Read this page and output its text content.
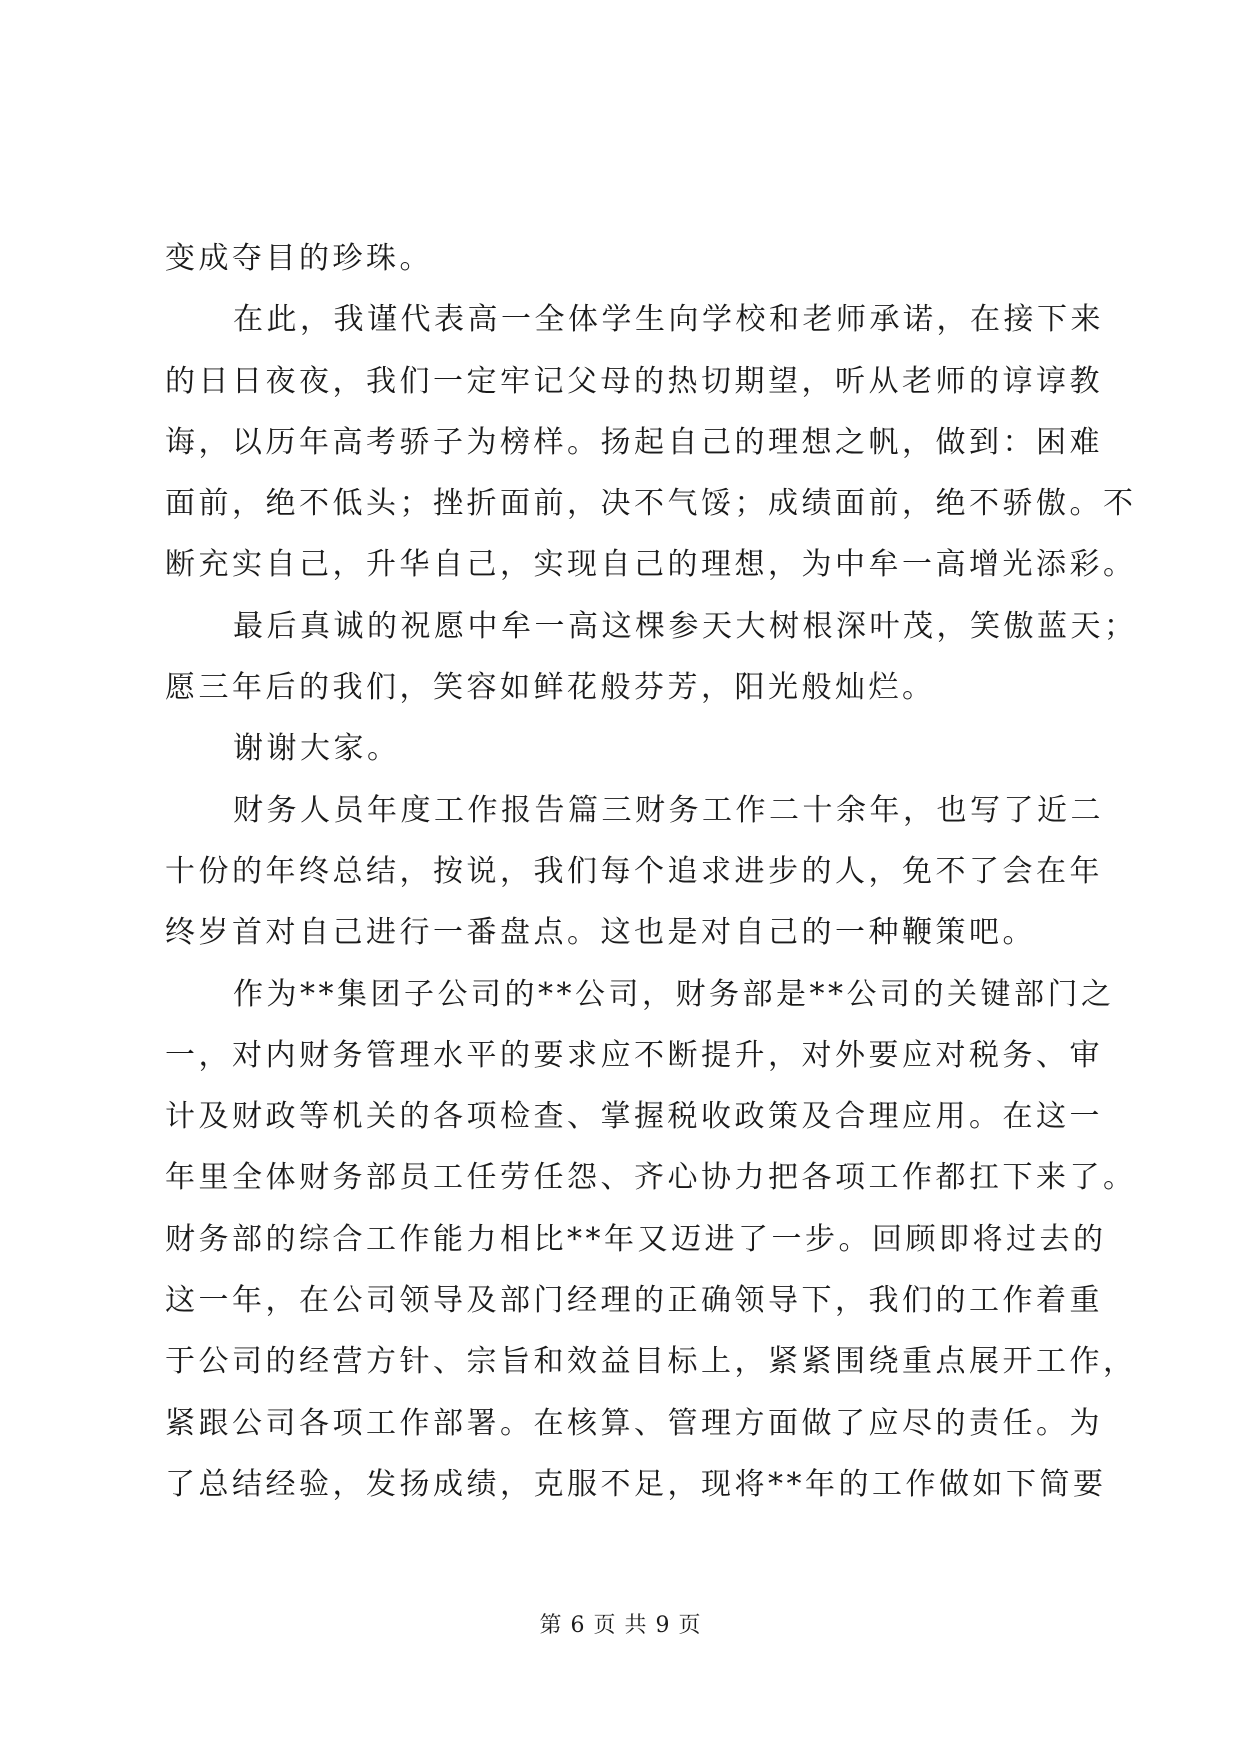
变成夺目的珍珠。
在此，我谨代表高一全体学生向学校和老师承诺，在接下来
的日日夜夜，我们一定牢记父母的热切期望，听从老师的谆谆教
诲，以历年高考骄子为榜样。扬起自己的理想之帆，做到：困难
面前，绝不低头；挫折面前，决不气馁；成绩面前，绝不骄傲。不
断充实自己，升华自己，实现自己的理想，为中牟一高增光添彩。
最后真诚的祝愿中牟一高这棵参天大树根深叶茂，笑傲蓝天；
愿三年后的我们，笑容如鲜花般芬芳，阳光般灿烂。
谢谢大家。
财务人员年度工作报告篇三财务工作二十余年，也写了近二
十份的年终总结，按说，我们每个追求进步的人，免不了会在年
终岁首对自己进行一番盘点。这也是对自己的一种鞭策吧。
作为**集团子公司的**公司，财务部是**公司的关键部门之
一，对内财务管理水平的要求应不断提升，对外要应对税务、审
计及财政等机关的各项检查、掌握税收政策及合理应用。在这一
年里全体财务部员工任劳任怨、齐心协力把各项工作都扛下来了。
财务部的综合工作能力相比**年又迈进了一步。回顾即将过去的
这一年，在公司领导及部门经理的正确领导下，我们的工作着重
于公司的经营方针、宗旨和效益目标上，紧紧围绕重点展开工作，
紧跟公司各项工作部署。在核算、管理方面做了应尽的责任。为
了总结经验，发扬成绩，克服不足，现将**年的工作做如下简要
第 6 页 共 9 页
